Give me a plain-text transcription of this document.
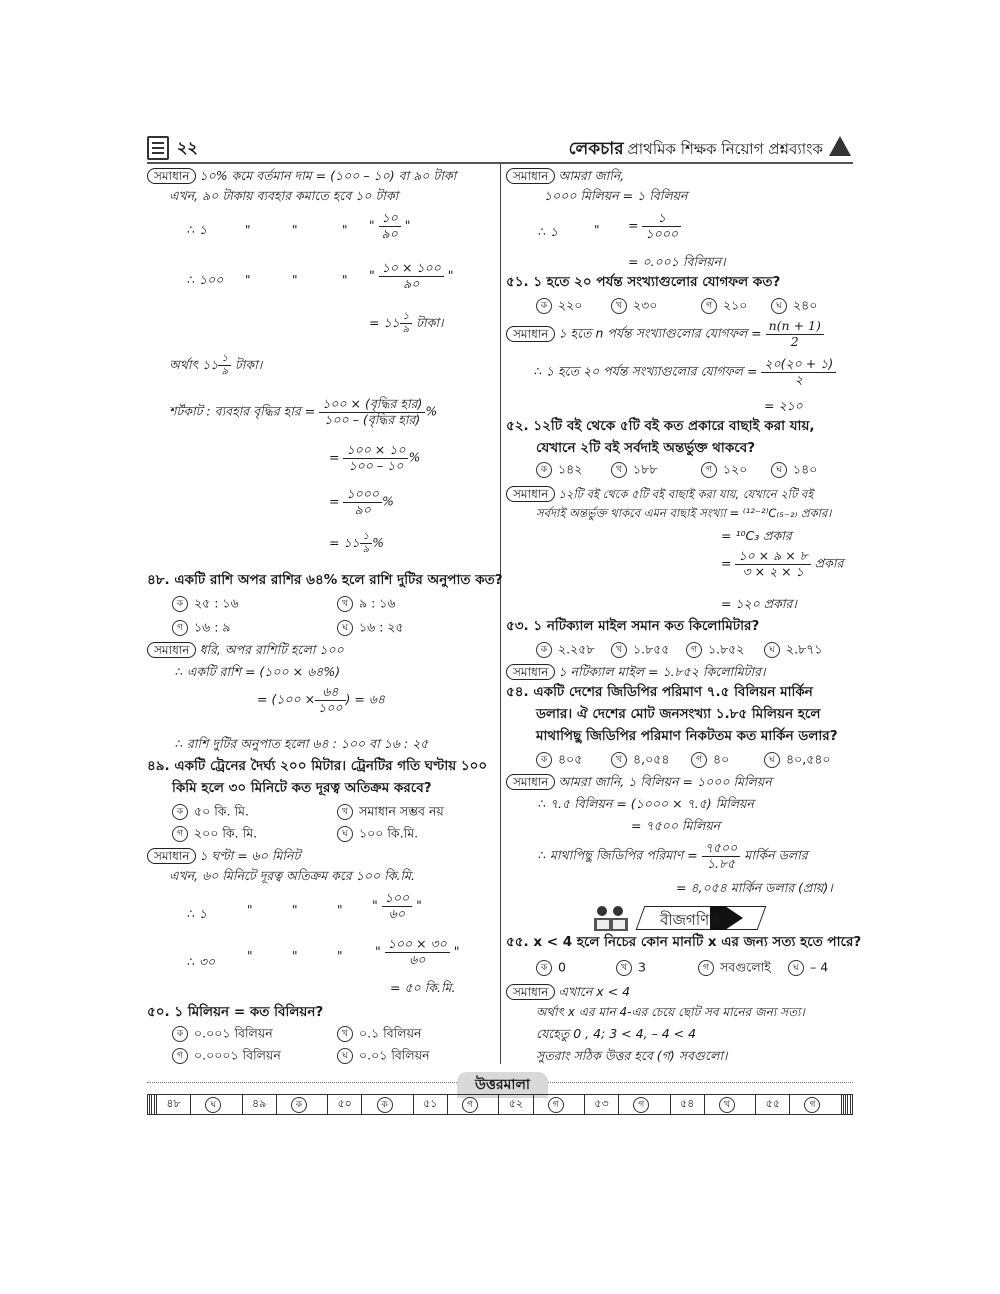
২২	লেকচার প্রাথমিক শিক্ষক নিয়োগ প্রশ্নব্যাংক
সমাধান ১০% কমে বর্তমান দাম = (১০০ – ১০) বা ৯০ টাকা
এখন, ৯০ টাকায় ব্যবহার কমাতে হবে ১০ টাকা
∴ ১	"	"	" " $\frac{১০}{৯০}$ "
∴ ১০০ "	"	" " $\frac{১০ \times ১০০}{৯০}$ "
= ১১ $\frac{১}{৯}$ টাকা।
অর্থাৎ ১১ $\frac{১}{৯}$ টাকা।
শর্টকাট : ব্যবহার বৃদ্ধির হার = $\frac{\text{১০০ × (বৃদ্ধির হার)}}{\text{১০০ – (বৃদ্ধির হার)}}$ %
= $\frac{১০০ \times ১০}{১০০ - ১০}$ %
= $\frac{১০০০}{৯০}$ %
= ১১ $\frac{১}{৯}$ %
৪৮. একটি রাশি অপর রাশির ৬৪% হলে রাশি দুটির অনুপাত কত?
ক ২৫ : ১৬	খ ৯ : ১৬
গ ১৬ : ৯	ঘ ১৬ : ২৫
সমাধান ধরি, অপর রাশিটি হলো ১০০
∴ একটি রাশি = (১০০ × ৬৪%)
= (১০০ × $\frac{৬৪}{১০০}$ ) = ৬৪
∴ রাশি দুটির অনুপাত হলো ৬৪ : ১০০ বা ১৬ : ২৫
৪৯. একটি ট্রেনের দৈর্ঘ্য ২০০ মিটার। ট্রেনটির গতি ঘণ্টায় ১০০
কিমি হলে ৩০ মিনিটে কত দূরত্ব অতিক্রম করবে?
ক ৫০ কি. মি.	খ সমাধান সম্ভব নয়
গ ২০০ কি. মি.	ঘ ১০০ কি.মি.
সমাধান ১ ঘণ্টা = ৬০ মিনিট
এখন, ৬০ মিনিটে দূরত্ব অতিক্রম করে ১০০ কি.মি.
∴ ১	"	"	" " $\frac{১০০}{৬০}$ "
∴ ৩০	"	"	"	" $\frac{১০০ \times ৩০}{৬০}$ "
= ৫০ কি.মি.
৫০. ১ মিলিয়ন = কত বিলিয়ন?
ক ০.০০১ বিলিয়ন	খ ০.১ বিলিয়ন
গ ০.০০০১ বিলিয়ন	ঘ ০.০১ বিলিয়ন
সমাধান আমরা জানি,
১০০০ মিলিয়ন = ১ বিলিয়ন
∴ ১	" = $\frac{১}{১০০০}$
= ০.০০১ বিলিয়ন।
৫১. ১ হতে ২০ পর্যন্ত সংখ্যাগুলোর যোগফল কত?
ক ২২০	খ ২৩০	গ ২১০	ঘ ২৪০
সমাধান ১ হতে n পর্যন্ত সংখ্যাগুলোর যোগফল = $\frac{n(n + 1)}{2}$
∴ ১ হতে ২০ পর্যন্ত সংখ্যাগুলোর যোগফল = $\frac{২০(২০ + ১)}{২}$
= ২১০
৫২. ১২টি বই থেকে ৫টি বই কত প্রকারে বাছাই করা যায়,
যেখানে ২টি বই সর্বদাই অন্তর্ভুক্ত থাকবে?
ক ১৪২	খ ১৮৮	গ ১২০	ঘ ১৪০
সমাধান ১২টি বই থেকে ৫টি বই বাছাই করা যায়, যেখানে ২টি বই
সর্বদাই অন্তর্ভুক্ত থাকবে এমন বাছাই সংখ্যা = ⁽¹²⁻²⁾C₍₅₋₂₎ প্রকার।
= ¹⁰C₃ প্রকার
= $\frac{১০ \times ৯ \times ৮}{৩ \times ২ \times ১}$ প্রকার
= ১২০ প্রকার।
৫৩. ১ নটিক্যাল মাইল সমান কত কিলোমিটার?
ক ২.২৫৮	খ ১.৮৫৫	গ ১.৮৫২	ঘ ২.৮৭১
সমাধান ১ নটিক্যাল মাইল = ১.৮৫২ কিলোমিটার।
৫৪. একটি দেশের জিডিপির পরিমাণ ৭.৫ বিলিয়ন মার্কিন
ডলার। ঐ দেশের মোট জনসংখ্যা ১.৮৫ মিলিয়ন হলে
মাথাপিছু জিডিপির পরিমাণ নিকটতম কত মার্কিন ডলার?
ক ৪০৫	খ ৪,০৫৪	গ ৪০	ঘ ৪০,৫৪০
সমাধান আমরা জানি, ১ বিলিয়ন = ১০০০ মিলিয়ন
∴ ৭.৫ বিলিয়ন = (১০০০ × ৭.৫) মিলিয়ন
= ৭৫০০ মিলিয়ন
∴ মাথাপিছু জিডিপির পরিমাণ = $\frac{৭৫০০}{১.৮৫}$ মার্কিন ডলার
= ৪,০৫৪ মার্কিন ডলার (প্রায়)।
বীজগণিত
৫৫. x < 4 হলে নিচের কোন মানটি x এর জন্য সত্য হতে পারে?
ক 0	খ 3	গ সবগুলোই	ঘ – 4
সমাধান এখানে x < 4
অর্থাৎ x এর মান 4-এর চেয়ে ছোট সব মানের জন্য সত্য।
যেহেতু 0 , 4; 3 < 4, – 4 < 4
সুতরাং সঠিক উত্তর হবে (গ) সবগুলো।
উত্তরমালা
				৪৮	ঘ	৪৯	ক	৫০	ক	৫১	গ	৫২	গ	৫৩	গ	৫৪	খ	৫৫	গ					
